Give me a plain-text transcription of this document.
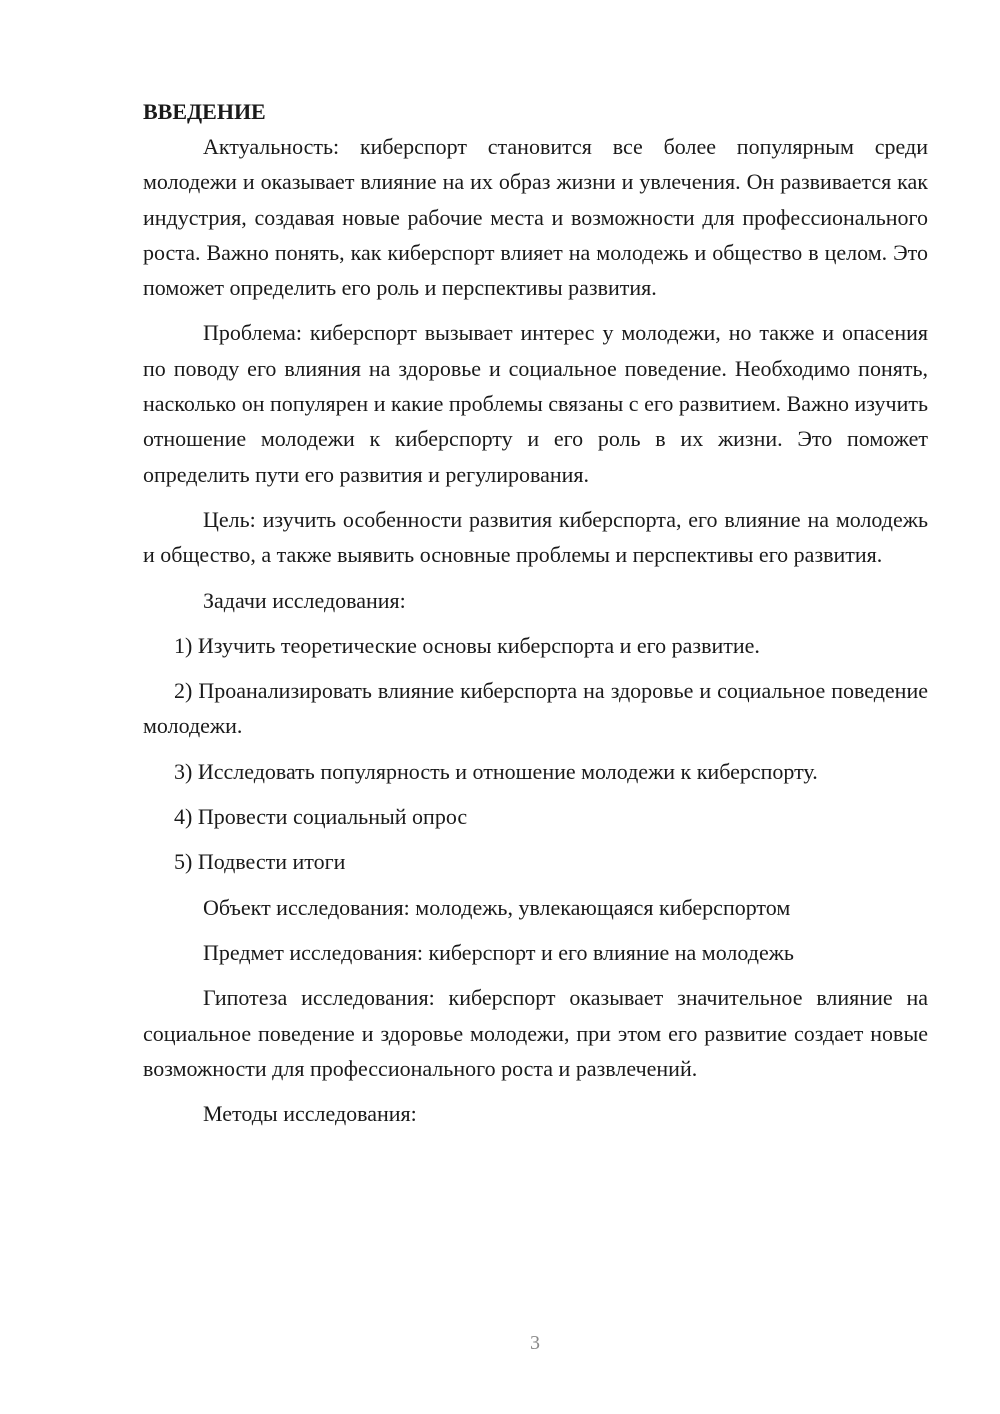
ВВЕДЕНИЕ

Актуальность: киберспорт становится все более популярным среди молодежи и оказывает влияние на их образ жизни и увлечения. Он развивается как индустрия, создавая новые рабочие места и возможности для профессионального роста. Важно понять, как киберспорт влияет на молодежь и общество в целом. Это поможет определить его роль и перспективы развития.

Проблема: киберспорт вызывает интерес у молодежи, но также и опасения по поводу его влияния на здоровье и социальное поведение. Необходимо понять, насколько он популярен и какие проблемы связаны с его развитием. Важно изучить отношение молодежи к киберспорту и его роль в их жизни. Это поможет определить пути его развития и регулирования.

Цель: изучить особенности развития киберспорта, его влияние на молодежь и общество, а также выявить основные проблемы и перспективы его развития.

Задачи исследования:

1) Изучить теоретические основы киберспорта и его развитие.

2) Проанализировать влияние киберспорта на здоровье и социальное поведение молодежи.

3) Исследовать популярность и отношение молодежи к киберспорту.

4) Провести социальный опрос

5) Подвести итоги

Объект исследования: молодежь, увлекающаяся киберспортом

Предмет исследования: киберспорт и его влияние на молодежь

Гипотеза исследования: киберспорт оказывает значительное влияние на социальное поведение и здоровье молодежи, при этом его развитие создает новые возможности для профессионального роста и развлечений.

Методы исследования:

3
